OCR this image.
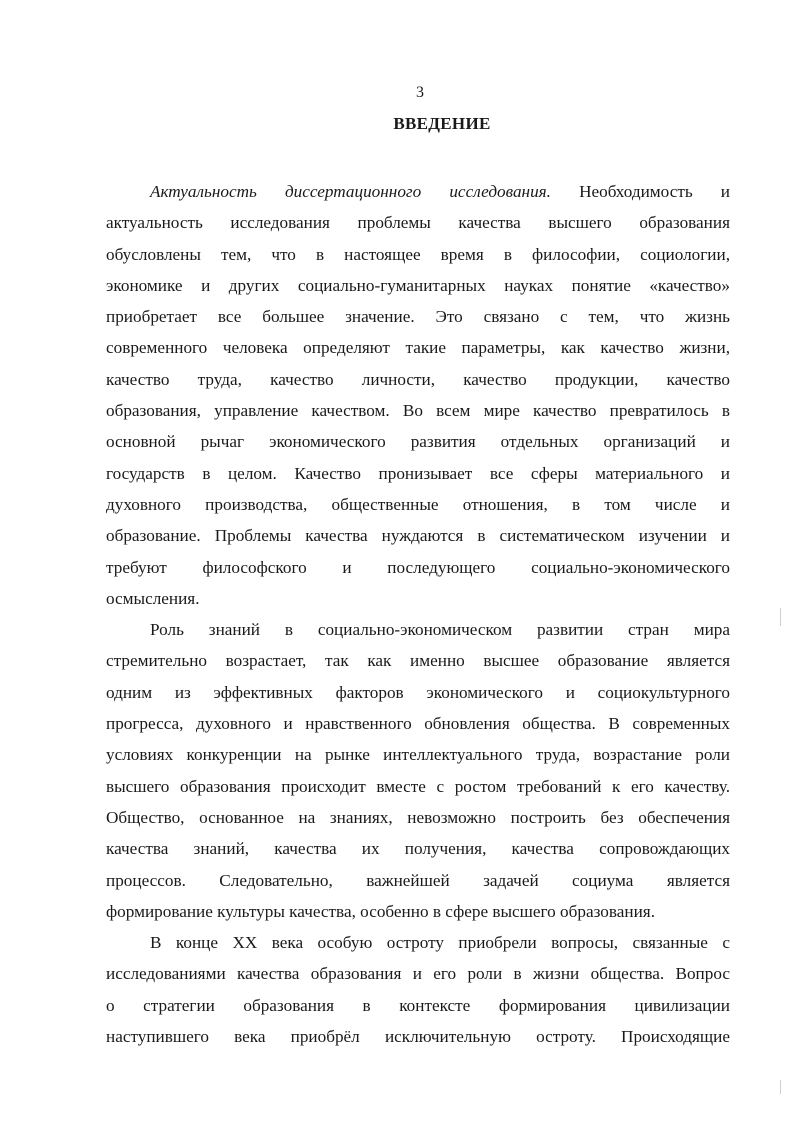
3
ВВЕДЕНИЕ
Актуальность диссертационного исследования. Необходимость и
актуальность исследования проблемы качества высшего образования
обусловлены тем, что в настоящее время в философии, социологии,
экономике и других социально-гуманитарных науках понятие «качество»
приобретает все большее значение. Это связано с тем, что жизнь
современного человека определяют такие параметры, как качество жизни,
качество труда, качество личности, качество продукции, качество
образования, управление качеством. Во всем мире качество превратилось в
основной рычаг экономического развития отдельных организаций и
государств в целом. Качество пронизывает все сферы материального и
духовного производства, общественные отношения, в том числе и
образование. Проблемы качества нуждаются в систематическом изучении и
требуют философского и последующего социально-экономического
осмысления.
Роль знаний в социально-экономическом развитии стран мира
стремительно возрастает, так как именно высшее образование является
одним из эффективных факторов экономического и социокультурного
прогресса, духовного и нравственного обновления общества. В современных
условиях конкуренции на рынке интеллектуального труда, возрастание роли
высшего образования происходит вместе с ростом требований к его качеству.
Общество, основанное на знаниях, невозможно построить без обеспечения
качества знаний, качества их получения, качества сопровождающих
процессов. Следовательно, важнейшей задачей социума является
формирование культуры качества, особенно в сфере высшего образования.
В конце XX века особую остроту приобрели вопросы, связанные с
исследованиями качества образования и его роли в жизни общества. Вопрос
о стратегии образования в контексте формирования цивилизации
наступившего века приобрёл исключительную остроту. Происходящие
